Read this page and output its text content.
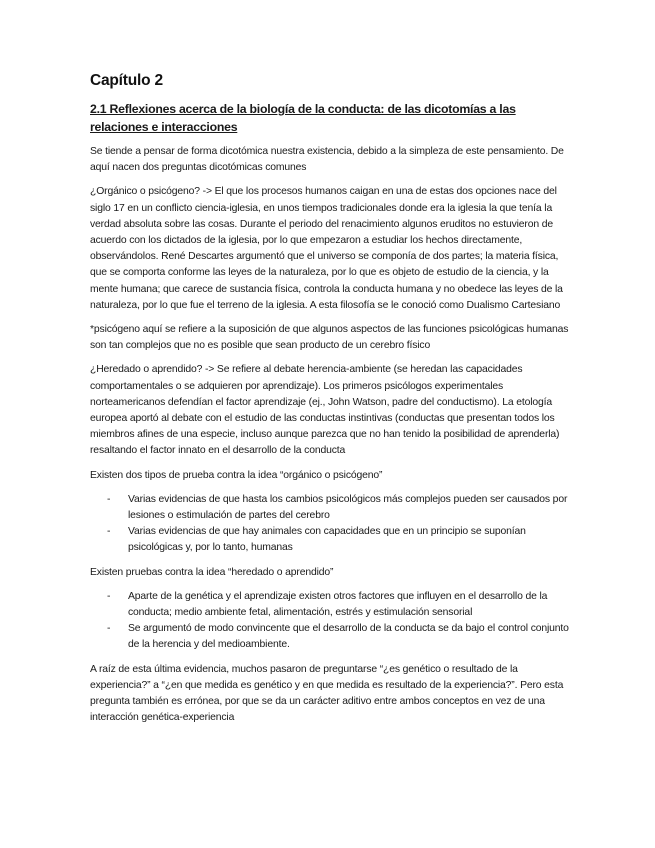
Capítulo 2
2.1 Reflexiones acerca de la biología de la conducta: de las dicotomías a las relaciones e interacciones

Se tiende a pensar de forma dicotómica nuestra existencia, debido a la simpleza de este pensamiento. De aquí nacen dos preguntas dicotómicas comunes

¿Orgánico o psicógeno? -> El que los procesos humanos caigan en una de estas dos opciones nace del siglo 17 en un conflicto ciencia-iglesia, en unos tiempos tradicionales donde era la iglesia la que tenía la verdad absoluta sobre las cosas. Durante el periodo del renacimiento algunos eruditos no estuvieron de acuerdo con los dictados de la iglesia, por lo que empezaron a estudiar los hechos directamente, observándolos. René Descartes argumentó que el universo se componía de dos partes; la materia física, que se comporta conforme las leyes de la naturaleza, por lo que es objeto de estudio de la ciencia, y la mente humana; que carece de sustancia física, controla la conducta humana y no obedece las leyes de la naturaleza, por lo que fue el terreno de la iglesia. A esta filosofía se le conoció como Dualismo Cartesiano

*psicógeno aquí se refiere a la suposición de que algunos aspectos de las funciones psicológicas humanas son tan complejos que no es posible que sean producto de un cerebro físico

¿Heredado o aprendido? -> Se refiere al debate herencia-ambiente (se heredan las capacidades comportamentales o se adquieren por aprendizaje). Los primeros psicólogos experimentales norteamericanos defendían el factor aprendizaje (ej., John Watson, padre del conductismo). La etología europea aportó al debate con el estudio de las conductas instintivas (conductas que presentan todos los miembros afines de una especie, incluso aunque parezca que no han tenido la posibilidad de aprenderla) resaltando el factor innato en el desarrollo de la conducta

Existen dos tipos de prueba contra la idea “orgánico o psicógeno”

- Varias evidencias de que hasta los cambios psicológicos más complejos pueden ser causados por lesiones o estimulación de partes del cerebro
- Varias evidencias de que hay animales con capacidades que en un principio se suponían psicológicas y, por lo tanto, humanas

Existen pruebas contra la idea “heredado o aprendido”

- Aparte de la genética y el aprendizaje existen otros factores que influyen en el desarrollo de la conducta; medio ambiente fetal, alimentación, estrés y estimulación sensorial
- Se argumentó de modo convincente que el desarrollo de la conducta se da bajo el control conjunto de la herencia y del medioambiente.

A raíz de esta última evidencia, muchos pasaron de preguntarse “¿es genético o resultado de la experiencia?” a “¿en que medida es genético y en que medida es resultado de la experiencia?”. Pero esta pregunta también es errónea, por que se da un carácter aditivo entre ambos conceptos en vez de una interacción genética-experiencia
